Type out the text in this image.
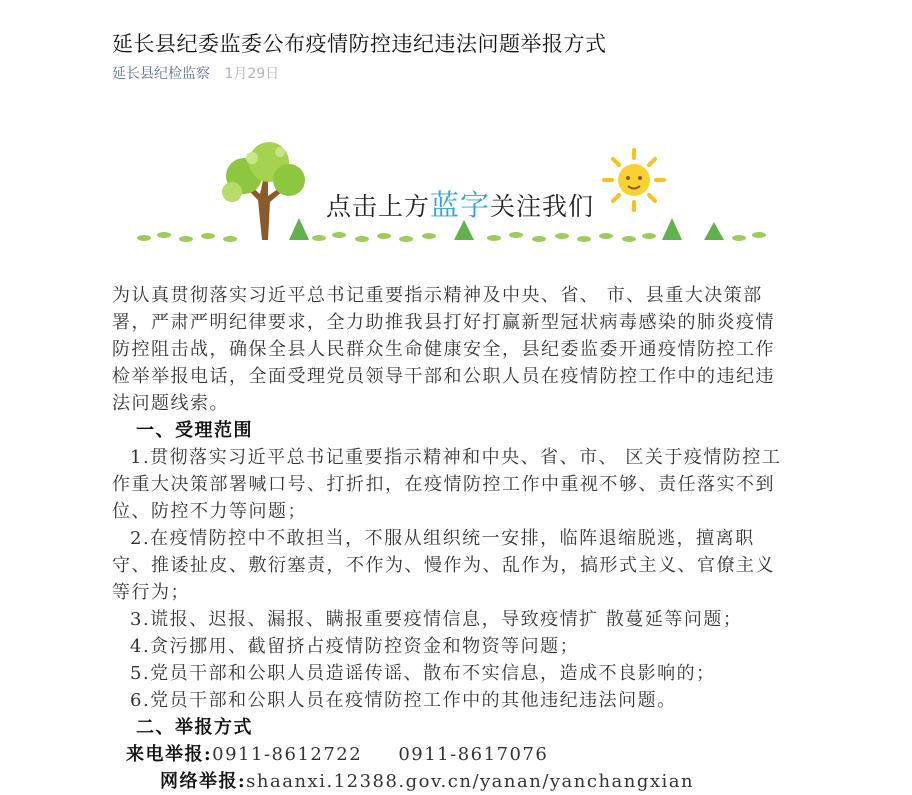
延长县纪委监委公布疫情防控违纪违法问题举报方式
延长县纪检监察 1月29日
点击上方蓝字关注我们

为认真贯彻落实习近平总书记重要指示精神及中央、省、 市、县重大决策部署，严肃严明纪律要求，全力助推我县打好打赢新型冠状病毒感染的肺炎疫情防控阻击战，确保全县人民群众生命健康安全，县纪委监委开通疫情防控工作检举举报电话，全面受理党员领导干部和公职人员在疫情防控工作中的违纪违法问题线索。

一、受理范围

1.贯彻落实习近平总书记重要指示精神和中央、省、市、 区关于疫情防控工作重大决策部署喊口号、打折扣，在疫情防控工作中重视不够、责任落实不到位、防控不力等问题；

2.在疫情防控中不敢担当，不服从组织统一安排，临阵退缩脱逃，擅离职守、推诿扯皮、敷衍塞责，不作为、慢作为、乱作为，搞形式主义、官僚主义等行为；

3.谎报、迟报、漏报、瞒报重要疫情信息，导致疫情扩 散蔓延等问题；

4.贪污挪用、截留挤占疫情防控资金和物资等问题；

5.党员干部和公职人员造谣传谣、散布不实信息，造成不良影响的；

6.党员干部和公职人员在疫情防控工作中的其他违纪违法问题。

二、举报方式

来电举报:0911-8612722     0911-8617076

网络举报:shaanxi.12388.gov.cn/yanan/yanchangxian
